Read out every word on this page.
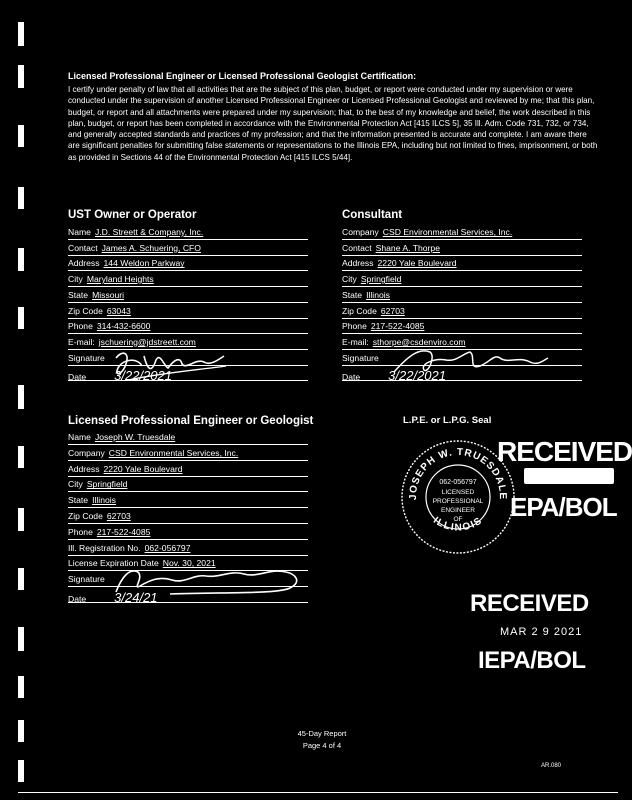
Licensed Professional Engineer or Licensed Professional Geologist Certification:
I certify under penalty of law that all activities that are the subject of this plan, budget, or report were conducted under my supervision or were conducted under the supervision of another Licensed Professional Engineer or Licensed Professional Geologist and reviewed by me; that this plan, budget, or report and all attachments were prepared under my supervision; that, to the best of my knowledge and belief, the work described in this plan, budget, or report has been completed in accordance with the Environmental Protection Act [415 ILCS 5], 35 Ill. Adm. Code 731, 732, or 734, and generally accepted standards and practices of my profession; and that the information presented is accurate and complete. I am aware there are significant penalties for submitting false statements or representations to the Illinois EPA, including but not limited to fines, imprisonment, or both as provided in Sections 44 of the Environmental Protection Act [415 ILCS 5/44].
UST Owner or Operator
Name J.D. Streett & Company, Inc.
Contact James A. Schuering, CFO
Address 144 Weldon Parkway
City Maryland Heights
State Missouri
Zip Code 63043
Phone 314-432-6600
E-mail: jschuering@jdstreett.com
Signature
Date 3/22/2021
Consultant
Company CSD Environmental Services, Inc.
Contact Shane A. Thorpe
Address 2220 Yale Boulevard
City Springfield
State Illinois
Zip Code 62703
Phone 217-522-4085
E-mail: sthorpe@csdenviro.com
Signature
Date 3/22/2021
Licensed Professional Engineer or Geologist
Name Joseph W. Truesdale
Company CSD Environmental Services, Inc.
Address 2220 Yale Boulevard
City Springfield
State Illinois
Zip Code 62703
Phone 217-522-4085
Ill. Registration No. 062-056797
License Expiration Date Nov. 30, 2021
Signature
Date 3/24/21
L.P.E. or L.P.G. Seal
JOSEPH W. TRUESDALE
ILLINOIS
062-056797
LICENSED
PROFESSIONAL
ENGINEER
OF
RECEIVED
EPA/BOL
RECEIVED
MAR 2 9 2021
IEPA/BOL
45-Day Report
Page 4 of 4
AR.080
